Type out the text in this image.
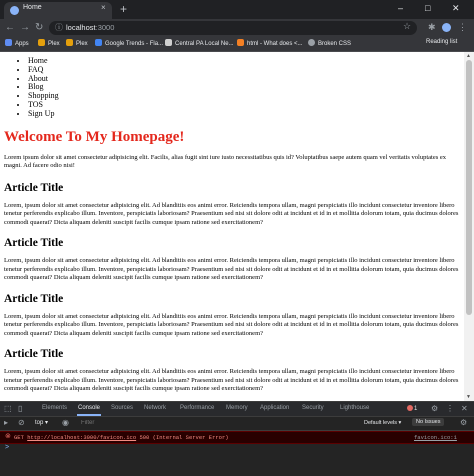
Home	× +	– □ ✕
← → ↻ ⓘ localhost:3000	☆ ✱ ⋮
Apps	Plex	Plex	Google Trends - Fla...	Central PA Local Ne...	html - What does <...	Broken CSS	Reading list
• Home
• FAQ
• About
• Blog
• Shopping
• TOS
• Sign Up
Welcome To My Homepage!

Lorem ipsum dolor sit amet consectetur adipisicing elit. Facilis, alias fugit sint iure iusto necessitatibus quis id? Voluptatibus saepe autem quam vel veritatis voluptates ex magni. Ad facere odio nisi!

Article Title

Lorem, ipsum dolor sit amet consectetur adipisicing elit. Ad blanditiis eos animi error. Reiciendis tempora ullam, magni perspiciatis illo incidunt consectetur inventore libero tenetur perferendis explicabo illum. Inventore, perspiciatis laboriosam? Praesentium sed nisi sit dolore odit at incidunt et id in et mollitia dolorum totam, quia ducimus dolores commodi quaerat? Dicta aliquam deleniti suscipit facilis cumque ipsam ratione sed exercitationem?

Article Title

Lorem, ipsum dolor sit amet consectetur adipisicing elit. Ad blanditiis eos animi error. Reiciendis tempora ullam, magni perspiciatis illo incidunt consectetur inventore libero tenetur perferendis explicabo illum. Inventore, perspiciatis laboriosam? Praesentium sed nisi sit dolore odit at incidunt et id in et mollitia dolorum totam, quia ducimus dolores commodi quaerat? Dicta aliquam deleniti suscipit facilis cumque ipsam ratione sed exercitationem?

Article Title

Lorem, ipsum dolor sit amet consectetur adipisicing elit. Ad blanditiis eos animi error. Reiciendis tempora ullam, magni perspiciatis illo incidunt consectetur inventore libero tenetur perferendis explicabo illum. Inventore, perspiciatis laboriosam? Praesentium sed nisi sit dolore odit at incidunt et id in et mollitia dolorum totam, quia ducimus dolores commodi quaerat? Dicta aliquam deleniti suscipit facilis cumque ipsam ratione sed exercitationem?

Article Title

Lorem, ipsum dolor sit amet consectetur adipisicing elit. Ad blanditiis eos animi error. Reiciendis tempora ullam, magni perspiciatis illo incidunt consectetur inventore libero tenetur perferendis explicabo illum. Inventore, perspiciatis laboriosam? Praesentium sed nisi sit dolore odit at incidunt et id in et mollitia dolorum totam, quia ducimus dolores commodi quaerat? Dicta aliquam deleniti suscipit facilis cumque ipsam ratione sed exercitationem?

▲
▼
⬚ ▯	Elements Console Sources Network Performance Memory Application Security	Lighthouse	1 ⚙ ⋮ ✕
▸ ⊘ top ▾ ◉
Filter	Default levels ▾	No Issues	⚙
⊗ GET http://localhost:3000/favicon.ico 500 (Internal Server Error)	favicon.ico:1
>
